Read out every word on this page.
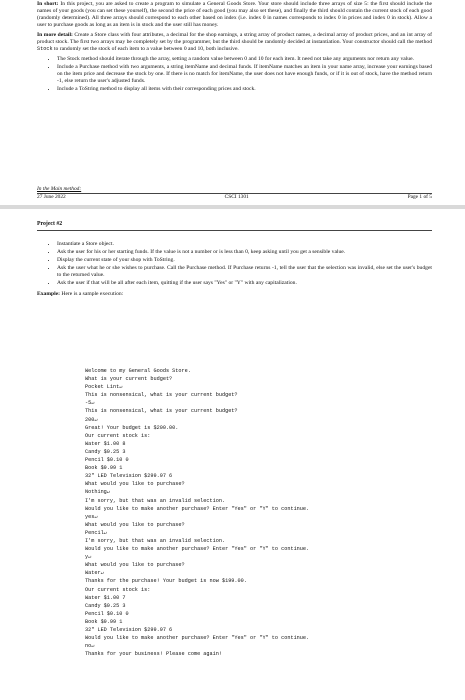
In short: In this project, you are asked to create a program to simulate a General Goods Store. Your store should include three arrays of size 5: the first should include the names of your goods (you can set these yourself), the second the price of each good (you may also set these), and finally the third should contain the current stock of each good (randomly determined). All three arrays should correspond to each other based on index (i.e. index 0 in names corresponds to index 0 in prices and index 0 in stock). Allow a user to purchase goods as long as an item is in stock and the user still has money.

In more detail: Create a Store class with four attributes, a decimal for the shop earnings, a string array of product names, a decimal array of product prices, and an int array of product stock. The first two arrays may be completely set by the programmer, but the third should be randomly decided at instantiation. Your constructor should call the method Stock to randomly set the stock of each item to a value between 0 and 10, both inclusive.

• The Stock method should iterate through the array, setting a random value between 0 and 10 for each item. It need not take any arguments nor return any value.
• Include a Purchase method with two arguments, a string itemName and decimal funds. If itemName matches an item in your name array, increase your earnings based on the item price and decrease the stock by one. If there is no match for itemName, the user does not have enough funds, or if it is out of stock, have the method return -1, else return the user's adjusted funds.
• Include a ToString method to display all items with their corresponding prices and stock.
In the Main method:
27 June 2022	CSCI 1301	Page 1 of 5
Project #2
• Instantiate a Store object.
• Ask the user for his or her starting funds. If the value is not a number or is less than 0, keep asking until you get a sensible value.
• Display the current state of your shop with ToString.
• Ask the user what he or she wishes to purchase. Call the Purchase method. If Purchase returns -1, tell the user that the selection was invalid, else set the user's budget to the returned value.
• Ask the user if that will be all after each item, quitting if the user says "Yes" or "Y" with any capitalization.

Example: Here is a sample execution:

Welcome to my General Goods Store.
What is your current budget?
Pocket Lint↵
This is nonsensical, what is your current budget?
-5↵
This is nonsensical, what is your current budget?
200↵
Great! Your budget is $200.00.
Our current stock is:
Water $1.00 8
Candy $0.25 3
Pencil $0.10 0
Book $9.99 1
32" LED Television $299.97 6
What would you like to purchase?
Nothing↵
I'm sorry, but that was an invalid selection.
Would you like to make another purchase? Enter "Yes" or "Y" to continue.
yes↵
What would you like to purchase?
Pencil↵
I'm sorry, but that was an invalid selection.
Would you like to make another purchase? Enter "Yes" or "Y" to continue.
y↵
What would you like to purchase?
Water↵
Thanks for the purchase! Your budget is now $199.00.
Our current stock is:
Water $1.00 7
Candy $0.25 3
Pencil $0.10 0
Book $9.99 1
32" LED Television $299.97 6
Would you like to make another purchase? Enter "Yes" or "Y" to continue.
no↵
Thanks for your business! Please come again!
